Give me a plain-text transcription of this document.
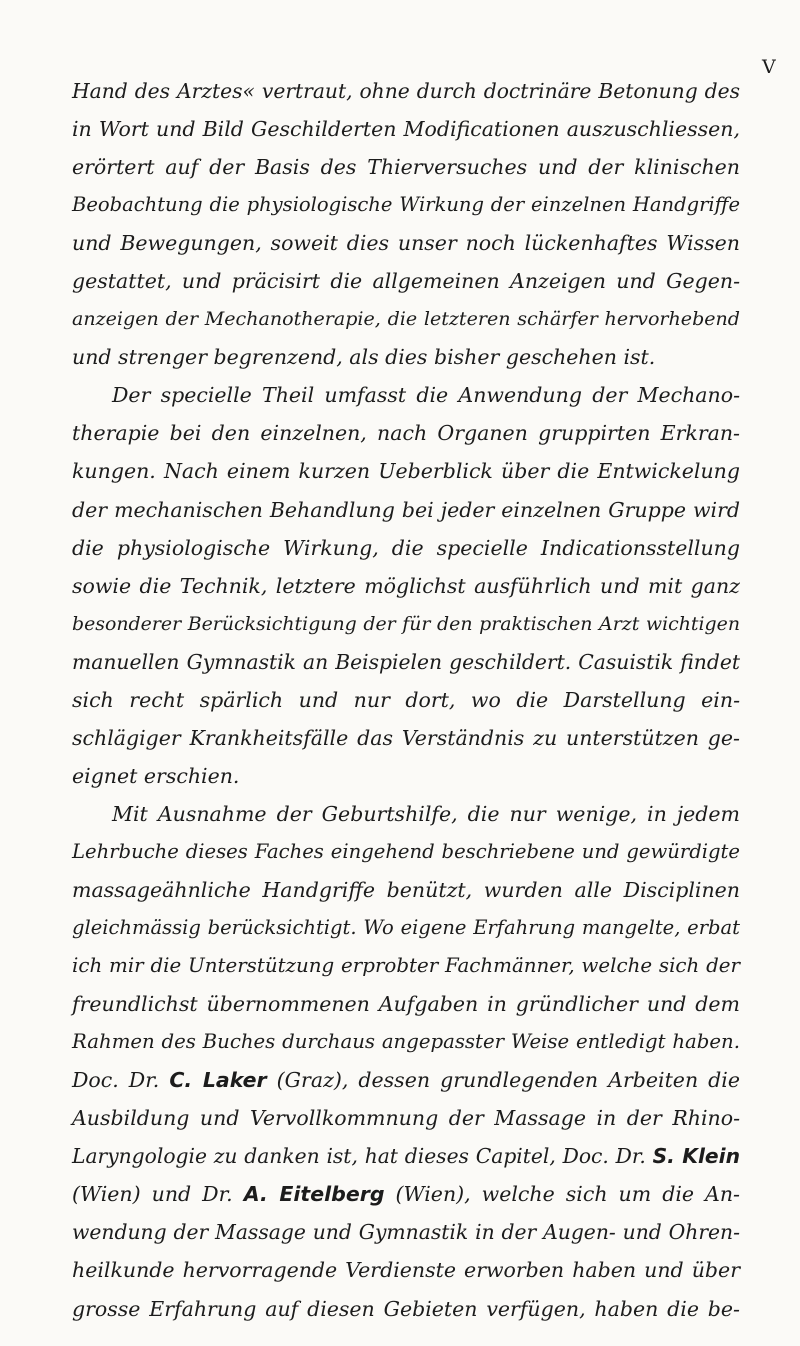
V
Hand des Arztes« vertraut, ohne durch doctrinäre Betonung des
in Wort und Bild Geschilderten Modificationen auszuschliessen,
erörtert auf der Basis des Thierversuches und der klinischen
Beobachtung die physiologische Wirkung der einzelnen Handgriffe
und Bewegungen, soweit dies unser noch lückenhaftes Wissen
gestattet, und präcisirt die allgemeinen Anzeigen und Gegen-
anzeigen der Mechanotherapie, die letzteren schärfer hervorhebend
und strenger begrenzend, als dies bisher geschehen ist.
Der specielle Theil umfasst die Anwendung der Mechano-
therapie bei den einzelnen, nach Organen gruppirten Erkran-
kungen. Nach einem kurzen Ueberblick über die Entwickelung
der mechanischen Behandlung bei jeder einzelnen Gruppe wird
die physiologische Wirkung, die specielle Indicationsstellung
sowie die Technik, letztere möglichst ausführlich und mit ganz
besonderer Berücksichtigung der für den praktischen Arzt wichtigen
manuellen Gymnastik an Beispielen geschildert. Casuistik findet
sich recht spärlich und nur dort, wo die Darstellung ein-
schlägiger Krankheitsfälle das Verständnis zu unterstützen ge-
eignet erschien.
Mit Ausnahme der Geburtshilfe, die nur wenige, in jedem
Lehrbuche dieses Faches eingehend beschriebene und gewürdigte
massageähnliche Handgriffe benützt, wurden alle Disciplinen
gleichmässig berücksichtigt. Wo eigene Erfahrung mangelte, erbat
ich mir die Unterstützung erprobter Fachmänner, welche sich der
freundlichst übernommenen Aufgaben in gründlicher und dem
Rahmen des Buches durchaus angepasster Weise entledigt haben.
Doc. Dr. C. Laker (Graz), dessen grundlegenden Arbeiten die
Ausbildung und Vervollkommnung der Massage in der Rhino-
Laryngologie zu danken ist, hat dieses Capitel, Doc. Dr. S. Klein
(Wien) und Dr. A. Eitelberg (Wien), welche sich um die An-
wendung der Massage und Gymnastik in der Augen- und Ohren-
heilkunde hervorragende Verdienste erworben haben und über
grosse Erfahrung auf diesen Gebieten verfügen, haben die be-
